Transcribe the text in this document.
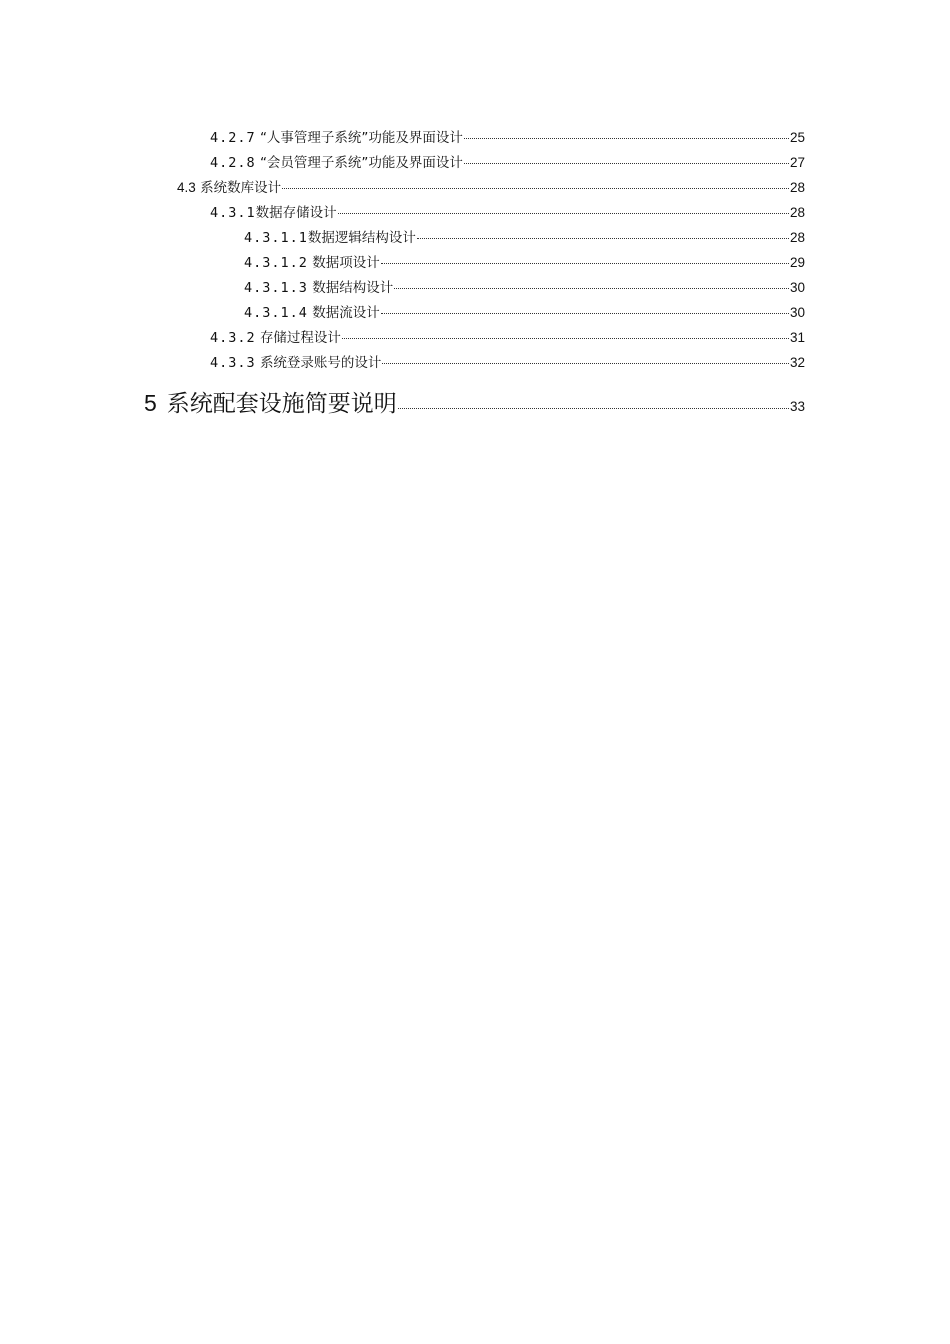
4.2.7 “人事管理子系统”功能及界面设计	25
4.2.8 “会员管理子系统”功能及界面设计	27
4.3 系统数库设计	28
4.3.1数据存储设计	28
4.3.1.1数据逻辑结构设计	28
4.3.1.2 数据项设计	29
4.3.1.3 数据结构设计	30
4.3.1.4 数据流设计	30
4.3.2 存储过程设计	31
4.3.3 系统登录账号的设计	32
5 系统配套设施简要说明	33
